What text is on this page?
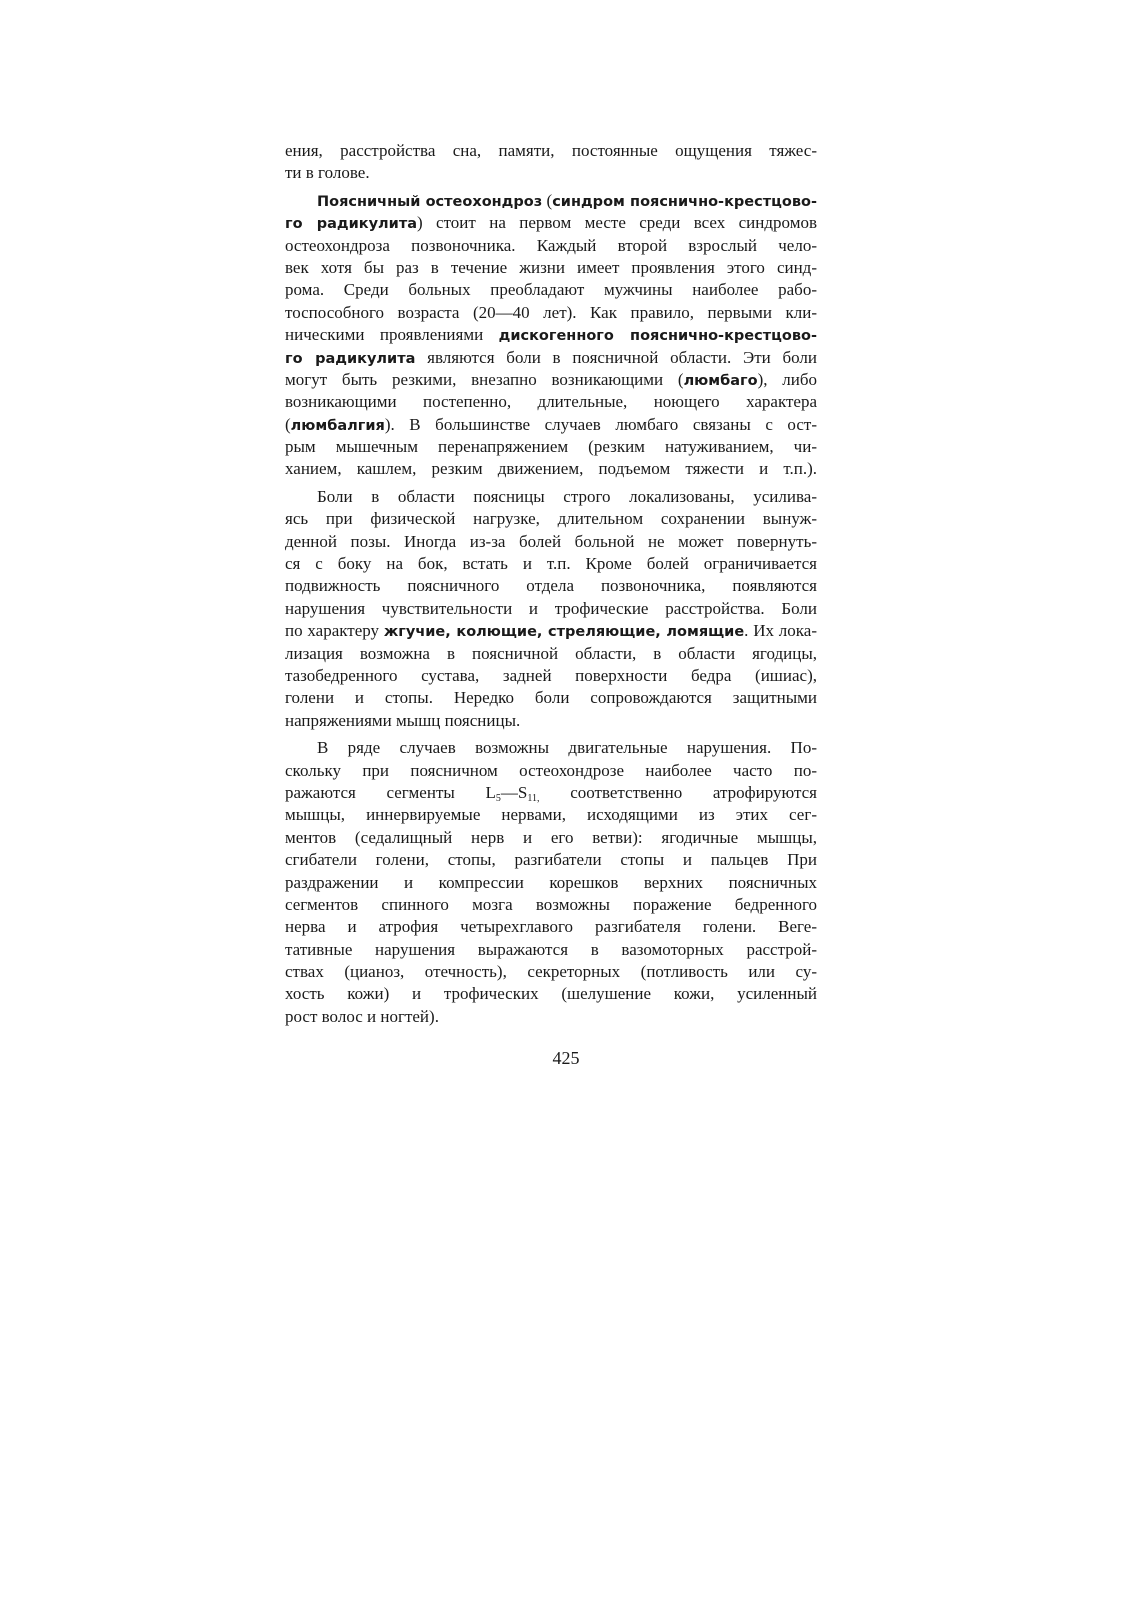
ения, расстройства сна, памяти, постоянные ощущения тяжес-
ти в голове.
Поясничный остеохондроз (синдром пояснично-крестцово-
го радикулита) стоит на первом месте среди всех синдромов
остеохондроза позвоночника. Каждый второй взрослый чело-
век хотя бы раз в течение жизни имеет проявления этого синд-
рома. Среди больных преобладают мужчины наиболее рабо-
тоспособного возраста (20—40 лет). Как правило, первыми кли-
ническими проявлениями дискогенного пояснично-крестцово-
го радикулита являются боли в поясничной области. Эти боли
могут быть резкими, внезапно возникающими (люмбаго), либо
возникающими постепенно, длительные, ноющего характера
(люмбалгия). В большинстве случаев люмбаго связаны с ост-
рым мышечным перенапряжением (резким натуживанием, чи-
ханием, кашлем, резким движением, подъемом тяжести и т.п.).
Боли в области поясницы строго локализованы, усилива-
ясь при физической нагрузке, длительном сохранении вынуж-
денной позы. Иногда из-за болей больной не может повернуть-
ся с боку на бок, встать и т.п. Кроме болей ограничивается
подвижность поясничного отдела позвоночника, появляются
нарушения чувствительности и трофические расстройства. Боли
по характеру жгучие, колющие, стреляющие, ломящие. Их лока-
лизация возможна в поясничной области, в области ягодицы,
тазобедренного сустава, задней поверхности бедра (ишиас),
голени и стопы. Нередко боли сопровождаются защитными
напряжениями мышц поясницы.
В ряде случаев возможны двигательные нарушения. По-
скольку при поясничном остеохондрозе наиболее часто по-
ражаются сегменты $L_5—S_{11,}$ соответственно атрофируются
мышцы, иннервируемые нервами, исходящими из этих сег-
ментов (седалищный нерв и его ветви): ягодичные мышцы,
сгибатели голени, стопы, разгибатели стопы и пальцев При
раздражении и компрессии корешков верхних поясничных
сегментов спинного мозга возможны поражение бедренного
нерва и атрофия четырехглавого разгибателя голени. Веге-
тативные нарушения выражаются в вазомоторных расстрой-
ствах (цианоз, отечность), секреторных (потливость или су-
хость кожи) и трофических (шелушение кожи, усиленный
рост волос и ногтей).
425
